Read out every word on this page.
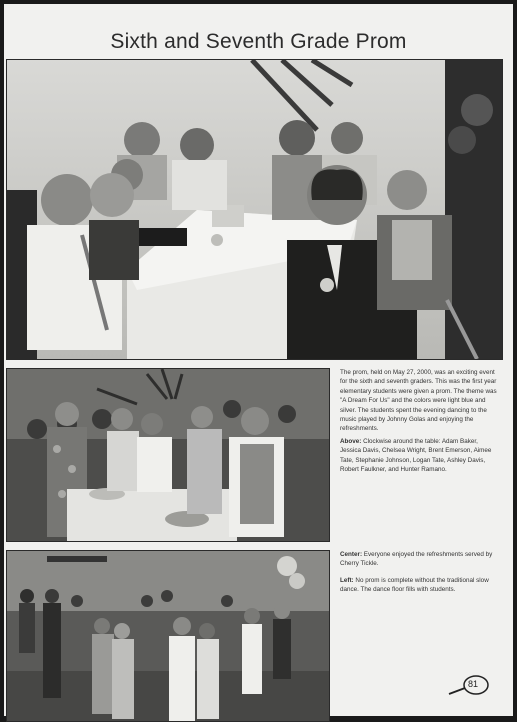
Sixth and Seventh Grade Prom

The prom, held on May 27, 2000, was an exciting event for the sixth and seventh graders. This was the first year elementary students were given a prom. The theme was "A Dream For Us" and the colors were light blue and silver. The students spent the evening dancing to the music played by Johnny Golas and enjoying the refreshments.

Above: Clockwise around the table: Adam Baker, Jessica Davis, Chelsea Wright, Brent Emerson, Aimee Tate, Stephanie Johnson, Logan Tate, Ashley Davis, Robert Faulkner, and Hunter Ramano.

Center: Everyone enjoyed the refreshments served by Cherry Tickle.

Left: No prom is complete without the traditional slow dance. The dance floor fills with students.

81
